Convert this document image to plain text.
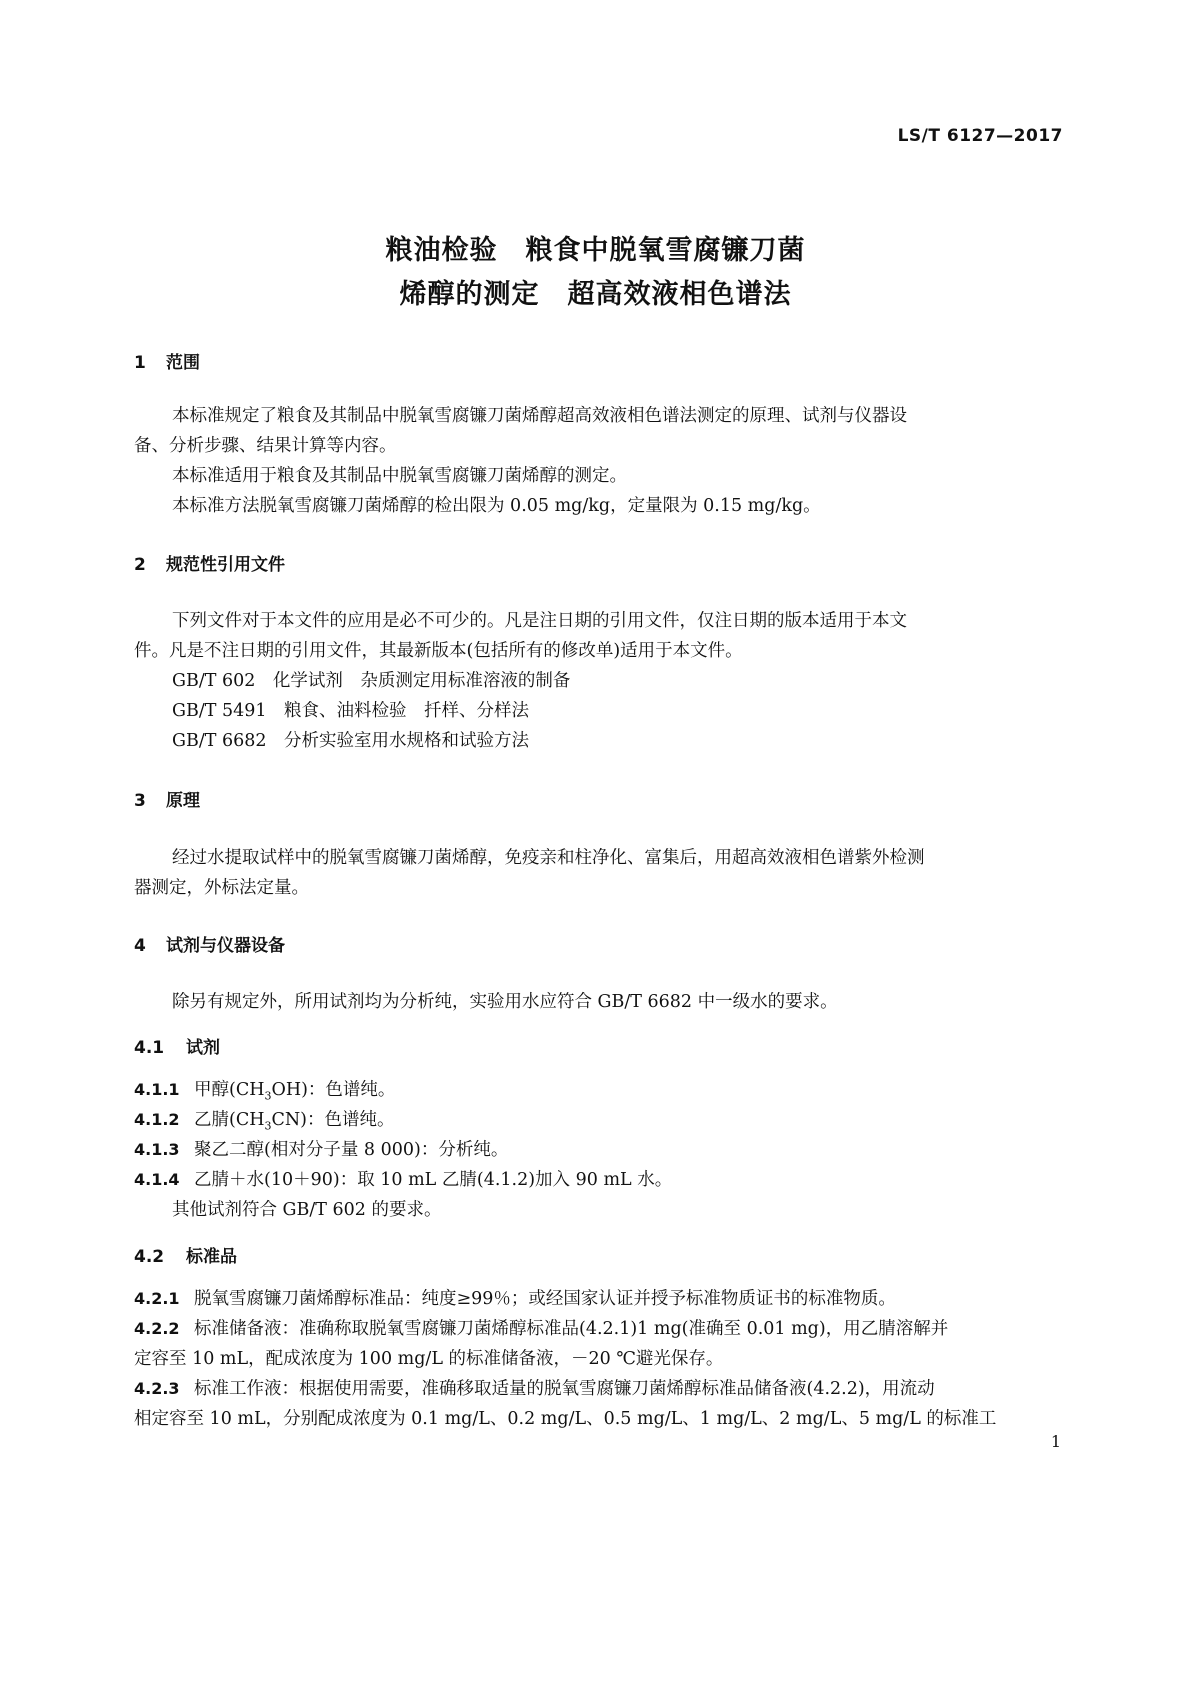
LS/T 6127—2017
粮油检验　粮食中脱氧雪腐镰刀菌
烯醇的测定　超高效液相色谱法
1 范围
本标准规定了粮食及其制品中脱氧雪腐镰刀菌烯醇超高效液相色谱法测定的原理、试剂与仪器设
备、分析步骤、结果计算等内容。
本标准适用于粮食及其制品中脱氧雪腐镰刀菌烯醇的测定。
本标准方法脱氧雪腐镰刀菌烯醇的检出限为 0.05 mg/kg，定量限为 0.15 mg/kg。
2 规范性引用文件
下列文件对于本文件的应用是必不可少的。凡是注日期的引用文件，仅注日期的版本适用于本文
件。凡是不注日期的引用文件，其最新版本(包括所有的修改单)适用于本文件。
GB/T 602　化学试剂　杂质测定用标准溶液的制备
GB/T 5491　粮食、油料检验　扦样、分样法
GB/T 6682　分析实验室用水规格和试验方法
3 原理
经过水提取试样中的脱氧雪腐镰刀菌烯醇，免疫亲和柱净化、富集后，用超高效液相色谱紫外检测
器测定，外标法定量。
4 试剂与仪器设备
除另有规定外，所用试剂均为分析纯，实验用水应符合 GB/T 6682 中一级水的要求。
4.1 试剂
4.1.1 甲醇$(CH_3OH)$：色谱纯。
4.1.2 乙腈$(CH_3CN)$：色谱纯。
4.1.3 聚乙二醇(相对分子量 8 000)：分析纯。
4.1.4 乙腈＋水(10＋90)：取 10 mL 乙腈(4.1.2)加入 90 mL 水。
其他试剂符合 GB/T 602 的要求。
4.2 标准品
4.2.1 脱氧雪腐镰刀菌烯醇标准品：纯度≥99％；或经国家认证并授予标准物质证书的标准物质。
4.2.2 标准储备液：准确称取脱氧雪腐镰刀菌烯醇标准品(4.2.1)1 mg(准确至 0.01 mg)，用乙腈溶解并
定容至 10 mL，配成浓度为 100 mg/L 的标准储备液，－20 ℃避光保存。
4.2.3 标准工作液：根据使用需要，准确移取适量的脱氧雪腐镰刀菌烯醇标准品储备液(4.2.2)，用流动
相定容至 10 mL，分别配成浓度为 0.1 mg/L、0.2 mg/L、0.5 mg/L、1 mg/L、2 mg/L、5 mg/L 的标准工
1
